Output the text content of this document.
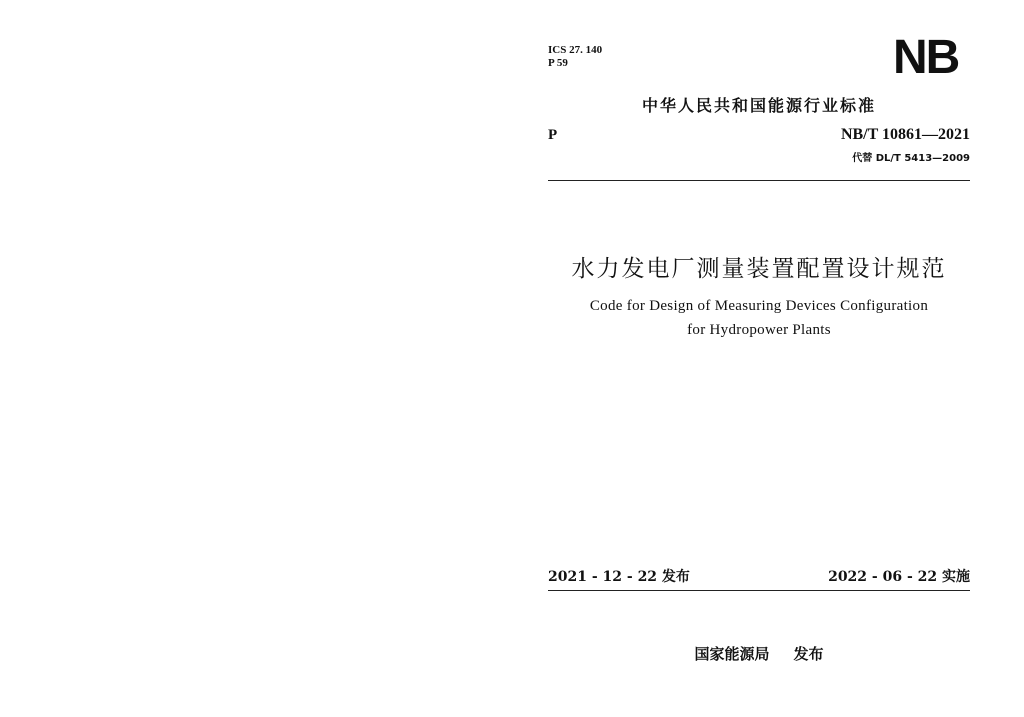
ICS 27. 140
P 59	NB
中华人民共和国能源行业标准
P	NB/T 10861—2021
代替 DL/T 5413—2009
水力发电厂测量装置配置设计规范
Code for Design of Measuring Devices Configuration
for Hydropower Plants
2021 - 12 - 22 发布	2022 - 06 - 22 实施
国家能源局 发布
